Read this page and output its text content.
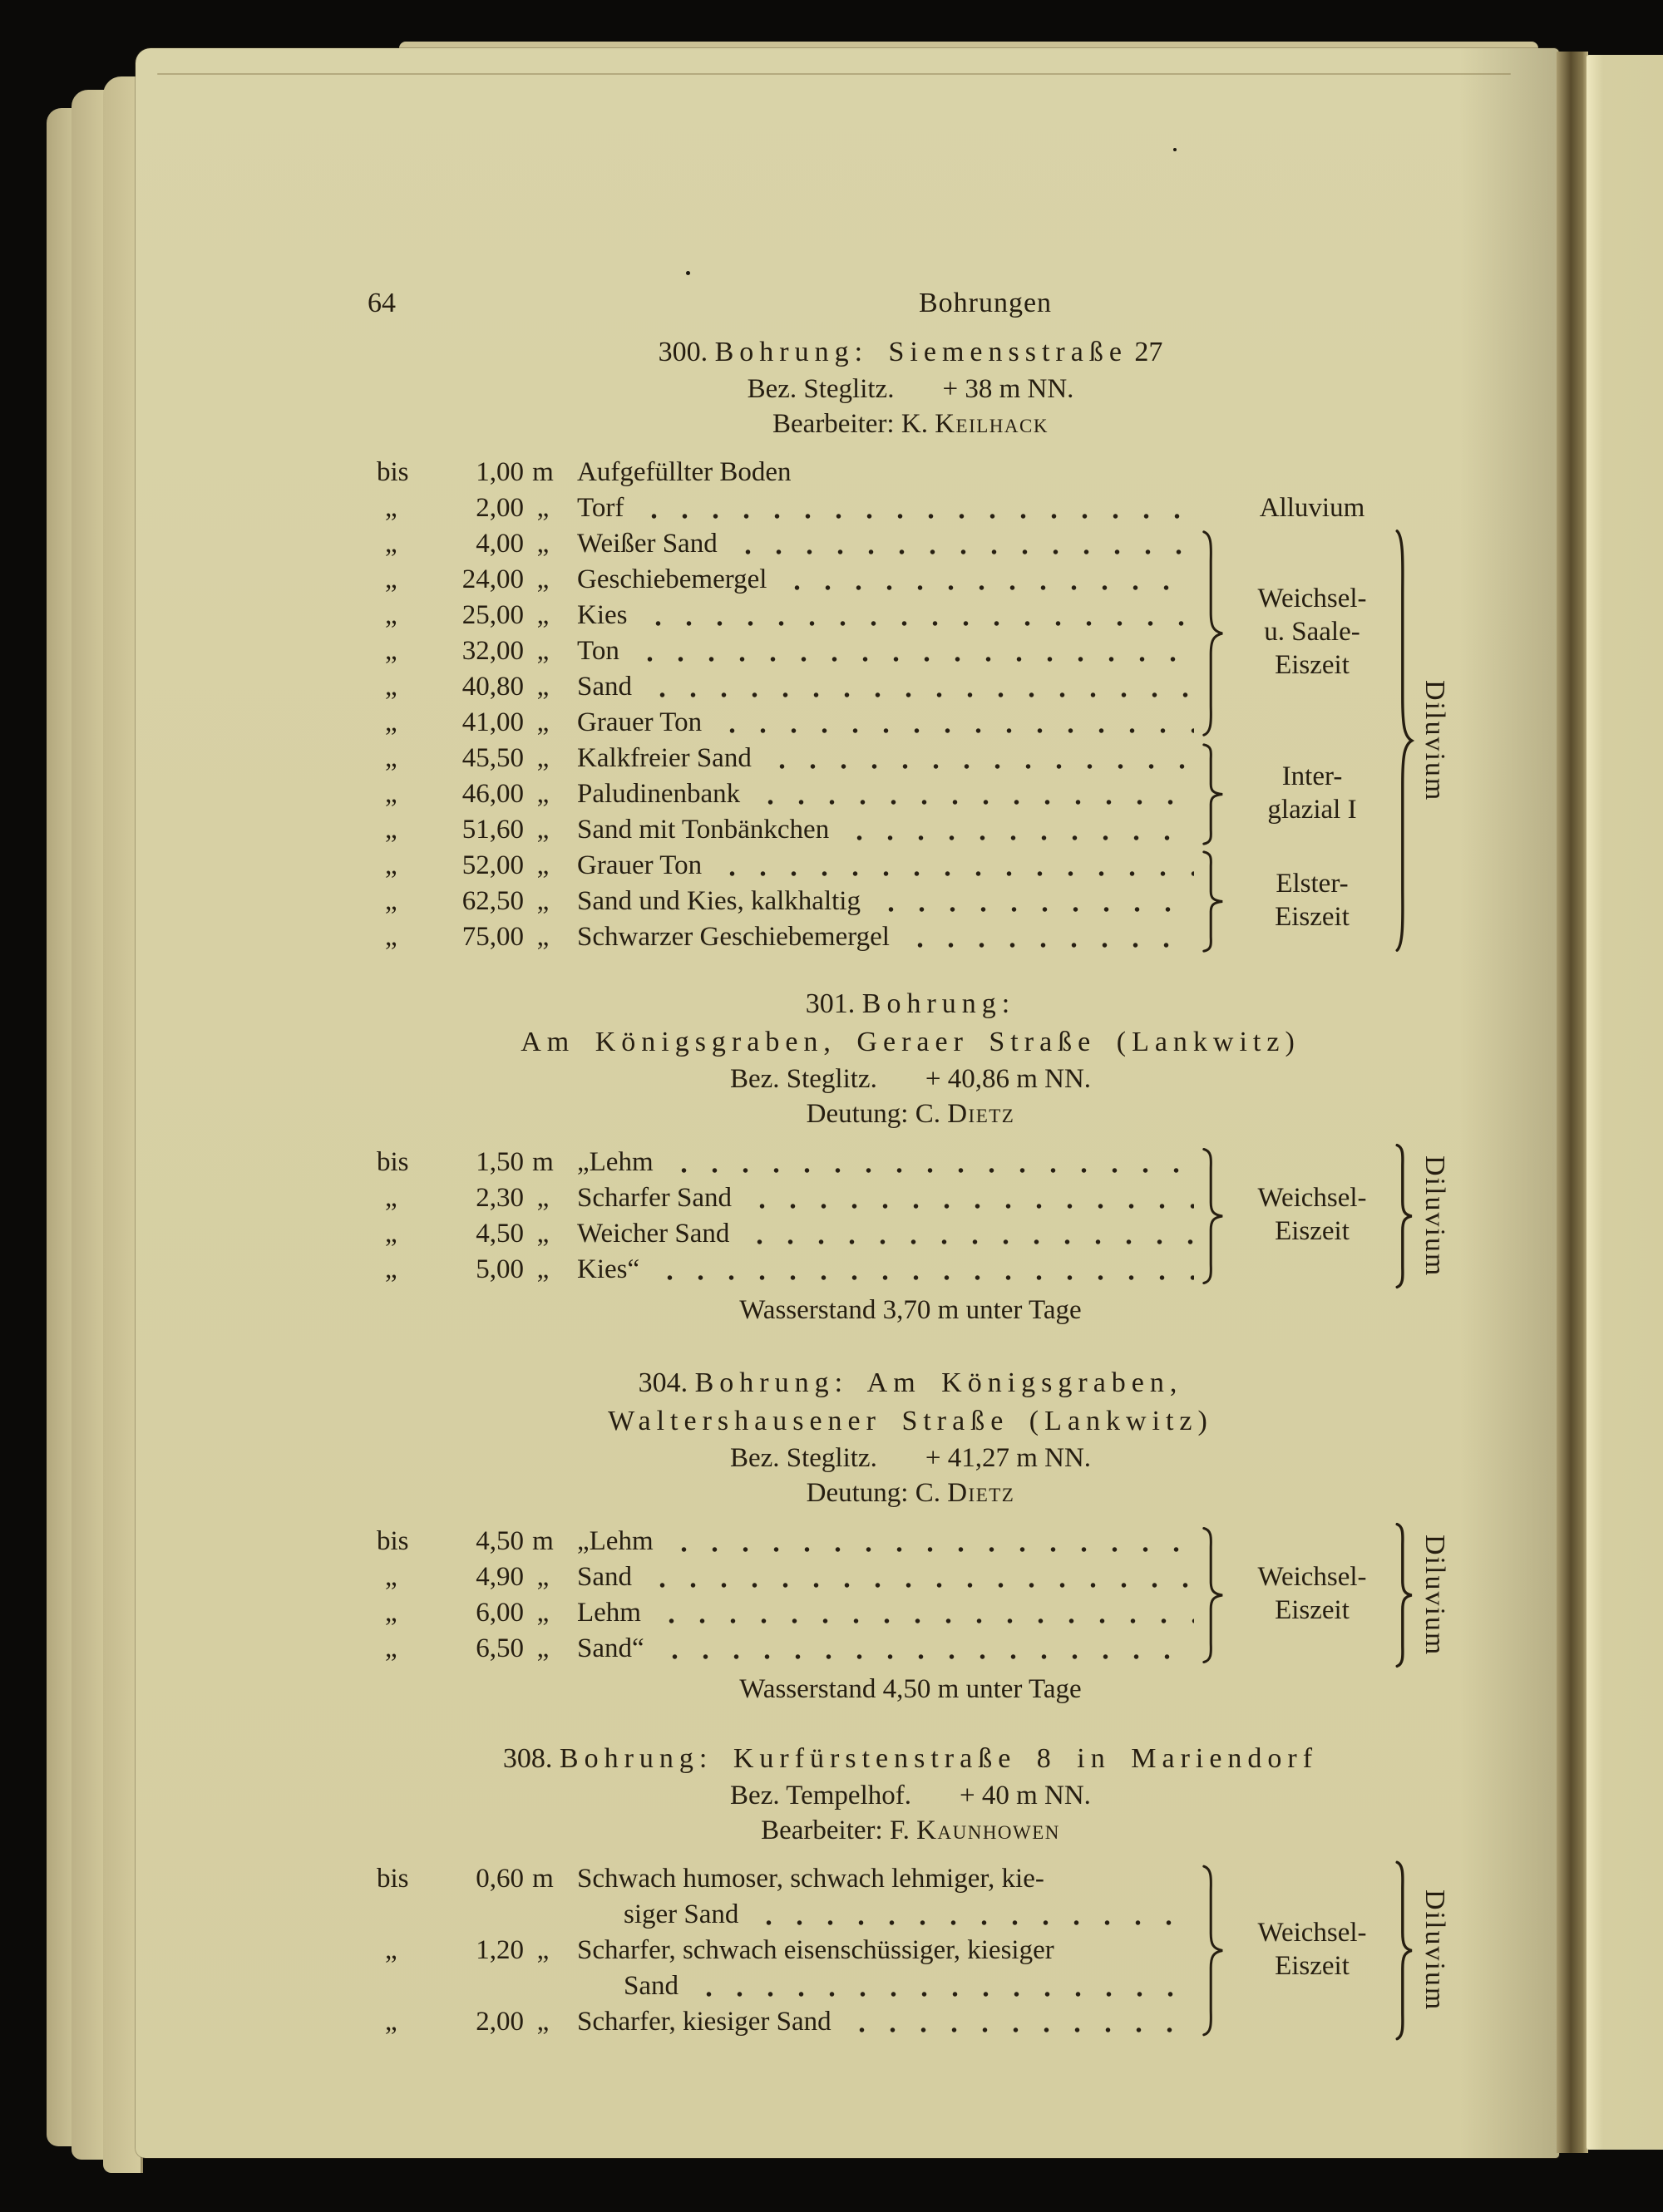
64	Bohrungen
300. Bohrung: Siemensstraße 27
Bez. Steglitz. + 38 m NN.
Bearbeiter: K. Keilhack
bis	1,00 m Aufgefüllter Boden
„	2,00 „	Torf
„	4,00 „	Weißer Sand
„	24,00 „	Geschiebemergel
„	25,00 „	Kies
„	32,00 „	Ton
„	40,80 „	Sand
„	41,00 „	Grauer Ton
„	45,50 „	Kalkfreier Sand
„	46,00 „	Paludinenbank
„	51,60 „	Sand mit Tonbänkchen
„	52,00 „	Grauer Ton
„	62,50 „	Sand und Kies, kalkhaltig
„	75,00 „	Schwarzer Geschiebemergel
Alluvium
Weichsel-
u. Saale-
Eiszeit
Inter-
glazial I
Elster-
Eiszeit
Diluvium
301. Bohrung:
Am Königsgraben, Geraer Straße (Lankwitz)
Bez. Steglitz. + 40,86 m NN.
Deutung: C. Dietz
bis	1,50 m „Lehm
„	2,30 „	Scharfer Sand
„	4,50 „	Weicher Sand
„	5,00 „	Kies“
Weichsel-
Eiszeit	Diluvium
Wasserstand 3,70 m unter Tage
304. Bohrung: Am Königsgraben,
Waltershausener Straße (Lankwitz)
Bez. Steglitz. + 41,27 m NN.
Deutung: C. Dietz
bis	4,50 m „Lehm
„	4,90 „	Sand
„	6,00 „	Lehm
„	6,50 „	Sand“
Weichsel-
Eiszeit	Diluvium
Wasserstand 4,50 m unter Tage
308. Bohrung: Kurfürstenstraße 8 in Mariendorf
Bez. Tempelhof. + 40 m NN.
Bearbeiter: F. Kaunhowen
bis	0,60 m Schwach humoser, schwach lehmiger, kie-
siger Sand
„	1,20 „	Scharfer, schwach eisenschüssiger, kiesiger
Sand
„	2,00 „	Scharfer, kiesiger Sand
Weichsel-
Eiszeit	Diluvium
